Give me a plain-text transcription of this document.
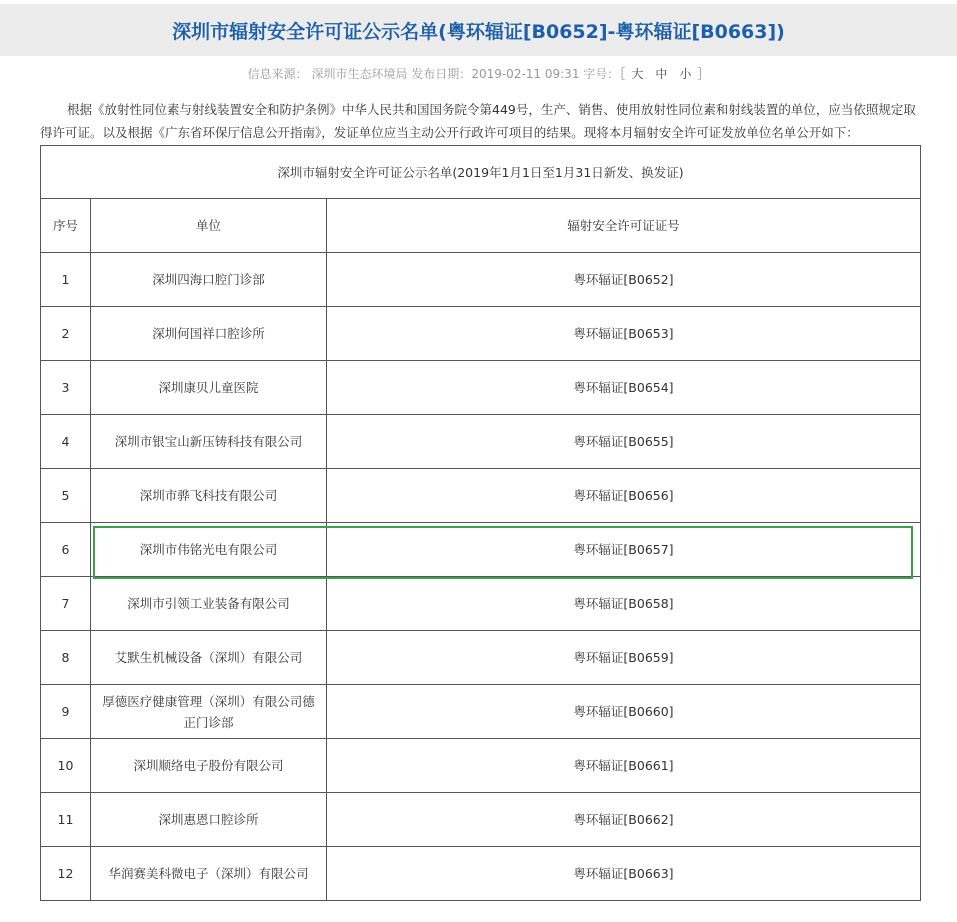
深圳市辐射安全许可证公示名单(粤环辐证[B0652]-粤环辐证[B0663])
信息来源： 深圳市生态环境局 发布日期：2019-02-11 09:31 字号：［ 大 中 小 ］
根据《放射性同位素与射线装置安全和防护条例》中华人民共和国国务院令第449号，生产、销售、使用放射性同位素和射线装置的单位，应当依照规定取得许可证。以及根据《广东省环保厅信息公开指南》，发证单位应当主动公开行政许可项目的结果。现将本月辐射安全许可证发放单位名单公开如下：
深圳市辐射安全许可证公示名单(2019年1月1日至1月31日新发、换发证)		
序号	单位	辐射安全许可证证号
1	深圳四海口腔门诊部	粤环辐证[B0652]
2	深圳何国祥口腔诊所	粤环辐证[B0653]
3	深圳康贝儿童医院	粤环辐证[B0654]
4	深圳市银宝山新压铸科技有限公司	粤环辐证[B0655]
5	深圳市骅飞科技有限公司	粤环辐证[B0656]
6	深圳市伟铭光电有限公司	粤环辐证[B0657]
7	深圳市引领工业装备有限公司	粤环辐证[B0658]
8	艾默生机械设备（深圳）有限公司	粤环辐证[B0659]
9	厚德医疗健康管理（深圳）有限公司德正门诊部	粤环辐证[B0660]
10	深圳顺络电子股份有限公司	粤环辐证[B0661]
11	深圳惠恩口腔诊所	粤环辐证[B0662]
12	华润赛美科微电子（深圳）有限公司	粤环辐证[B0663]
